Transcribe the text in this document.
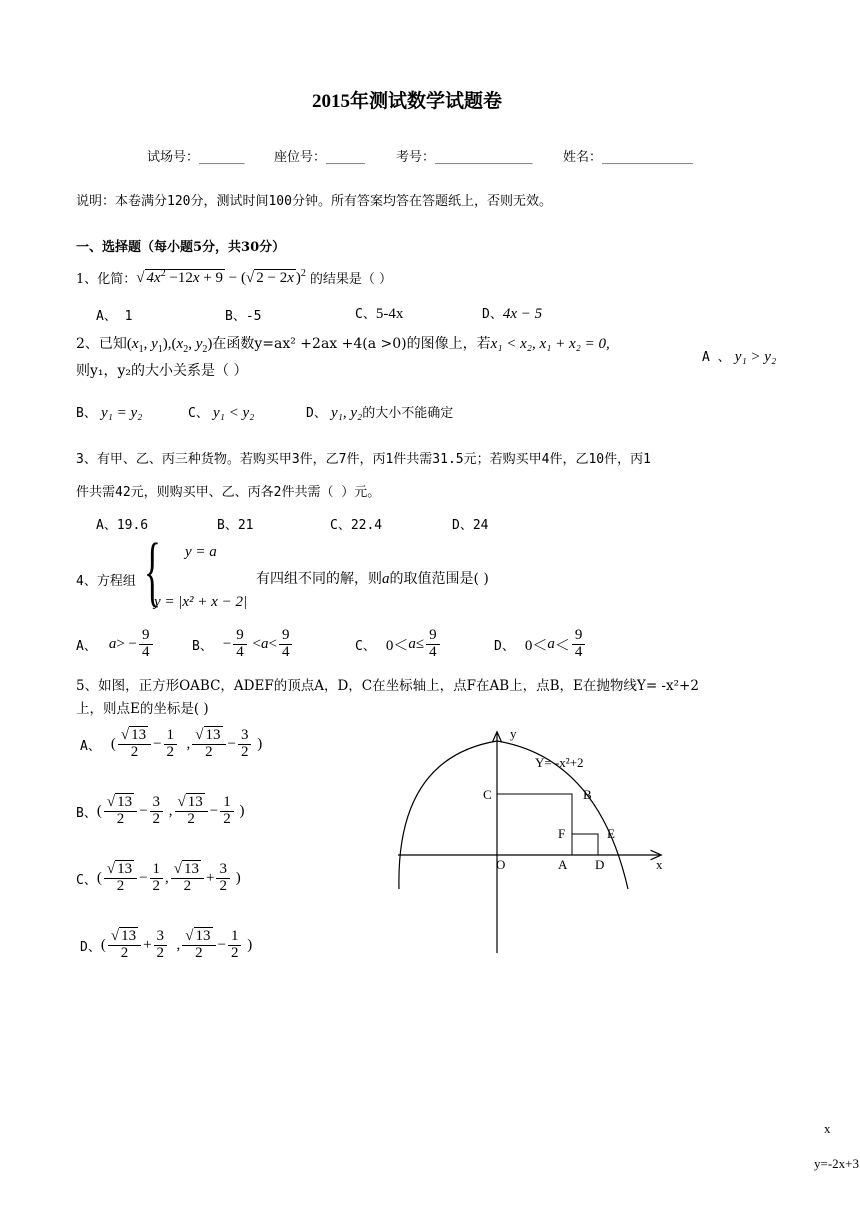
2015年测试数学试题卷
试场号：_______ 座位号：______ 考号：_______________ 姓名：______________
说明：本卷满分120分，测试时间100分钟。所有答案均答在答题纸上，否则无效。
一、选择题（每小题5分，共30分）
1、化简： √ $4x^2 -12x + 9$ − (√ 2 − 2x )$^2$ 的结果是（ ）
A、 1	B、-5	C、5-4x	D、4x − 5
2、已知($x_1$, $y_1),(x_2$, $y_2$)在函数y=ax² +2ax +4(a >0)的图像上，若x₁ < x₂, x₁ + x₂ = 0,
则y₁，y₂的大小关系是（ ）
A 、 y₁ > y₂
B、 y₁ = y₂	C、 y₁ < y₂	D、 y₁, y₂的大小不能确定
3、有甲、乙、丙三种货物。若购买甲3件，乙7件，丙1件共需31.5元；若购买甲4件，乙10件，丙1
件共需42元，则购买甲、乙、丙各2件共需（ ）元。
A、19.6	B、21	C、22.4	D、24
4、方程组 { y = a
y = |x² + x − 2|
有四组不同的解，则a的取值范围是( )
A、 a > − $\frac{9}{4}$	B、 − $\frac{9}{4} < a < \frac{9}{4}$	C、 $0< a \le \frac{9}{4}$	D、 $0< a < \frac{9}{4}$
5、如图，正方形OABC，ADEF的顶点A，D，C在坐标轴上，点F在AB上，点B，E在抛物线Y= -x²+2
上，则点E的坐标是( )
A、 ( $\frac{√ 13}{2} - \frac{1}{2}$ , $\frac{√ 13}{2} - \frac{3}{2}$ )
B、 ( $\frac{√ 13}{2} - \frac{3}{2}$ , $\frac{√ 13}{2} - \frac{1}{2}$ )
C、 ( $\frac{√ 13}{2} - \frac{1}{2}$ , $\frac{√ 13}{2} + \frac{3}{2}$ )
D、 ( $\frac{√ 13}{2} + \frac{3}{2}$ , $\frac{√ 13}{2} - \frac{1}{2}$ )
y
x
Y= -x²+2
C	B
F	E
O	A D
x
y=-2x+3
